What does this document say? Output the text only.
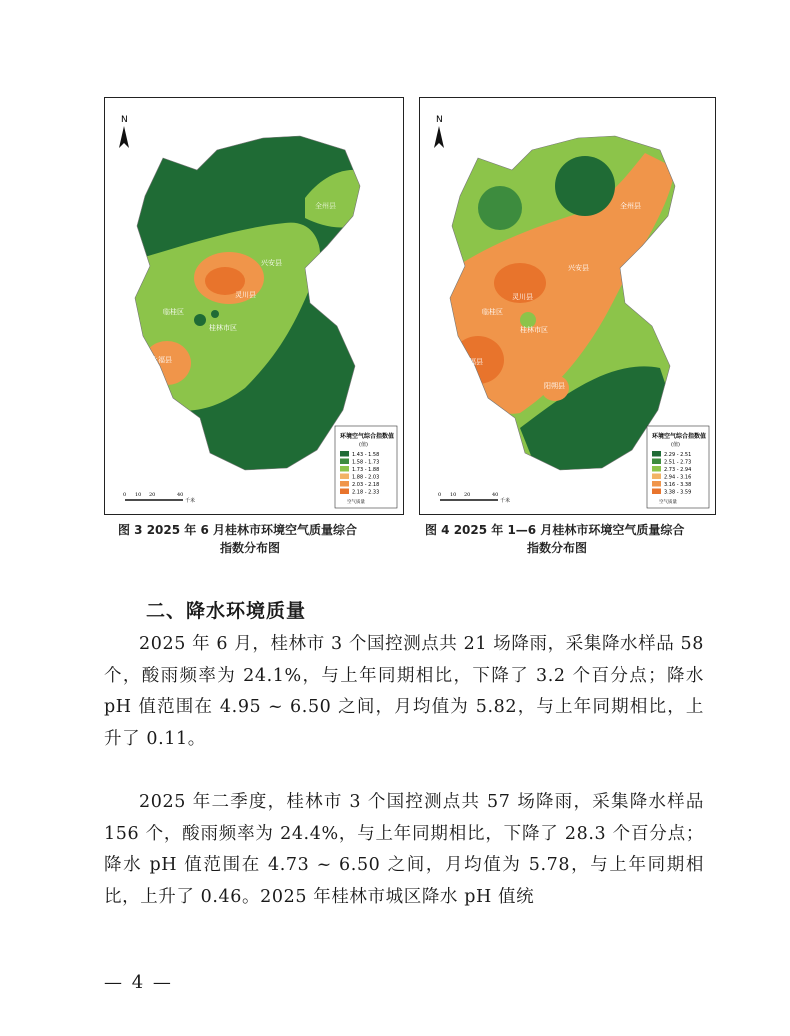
N
全州县
兴安县
灵川县
临桂区
桂林市区
永福县
环境空气综合指数值
(值)
1.43 - 1.58
1.58 - 1.73
1.73 - 1.88
1.88 - 2.03
2.03 - 2.18
2.18 - 2.33
空气质量
0 10 20	40
千米
图 3 2025 年 6 月桂林市环境空气质量综合
指数分布图
N
全州县
兴安县
灌阳县
灵川县
临桂区
桂林市区
永福县
阳朔县
环境空气综合指数值
(值)
2.29 - 2.51
2.51 - 2.73
2.73 - 2.94
2.94 - 3.16
3.16 - 3.38
3.38 - 3.59
空气质量
0 10 20	40
千米
图 4 2025 年 1—6 月桂林市环境空气质量综合
指数分布图
二、降水环境质量
2025 年 6 月，桂林市 3 个国控测点共 21 场降雨，采集降水样品 58 个，酸雨频率为 24.1%，与上年同期相比，下降了 3.2 个百分点；降水 pH 值范围在 4.95 ~ 6.50 之间，月均值为 5.82，与上年同期相比，上升了 0.11。
2025 年二季度，桂林市 3 个国控测点共 57 场降雨，采集降水样品 156 个，酸雨频率为 24.4%，与上年同期相比，下降了 28.3 个百分点；降水 pH 值范围在 4.73 ~ 6.50 之间，月均值为 5.78，与上年同期相比，上升了 0.46。2025 年桂林市城区降水 pH 值统
— 4 —
